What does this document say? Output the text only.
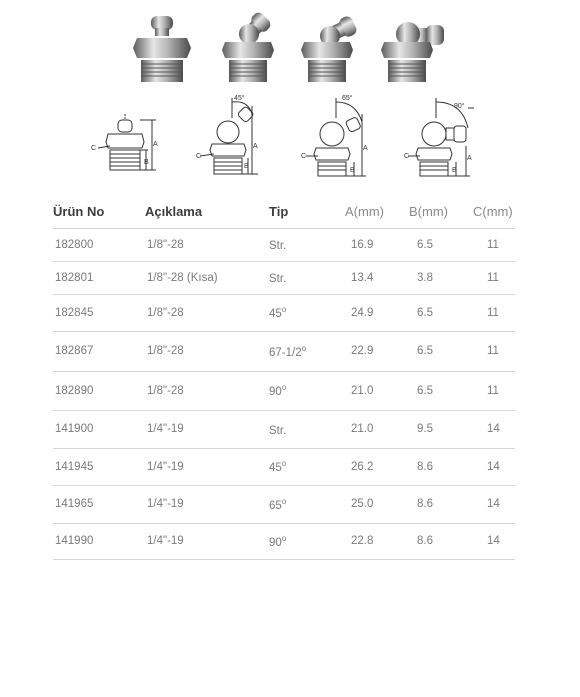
A
B
C
45°
A
B
C
65°
A
B
C
90°
A
B
C
Ürün No	Açıklama	Tip	A(mm)	B(mm)	C(mm)
182800	1/8"-28	Str.	16.9	6.5	11
182801	1/8"-28 (Kısa)	Str.	13.4	3.8	11
182845	1/8"-28	45$^o$	24.9	6.5	11
182867	1/8"-28	67-1/2$^o$	22.9	6.5	11
182890	1/8"-28	90$^o$	21.0	6.5	11
141900	1/4"-19	Str.	21.0	9.5	14
141945	1/4"-19	45$^o$	26.2	8.6	14
141965	1/4"-19	65$^o$	25.0	8.6	14
141990	1/4"-19	90$^o$	22.8	8.6	14
